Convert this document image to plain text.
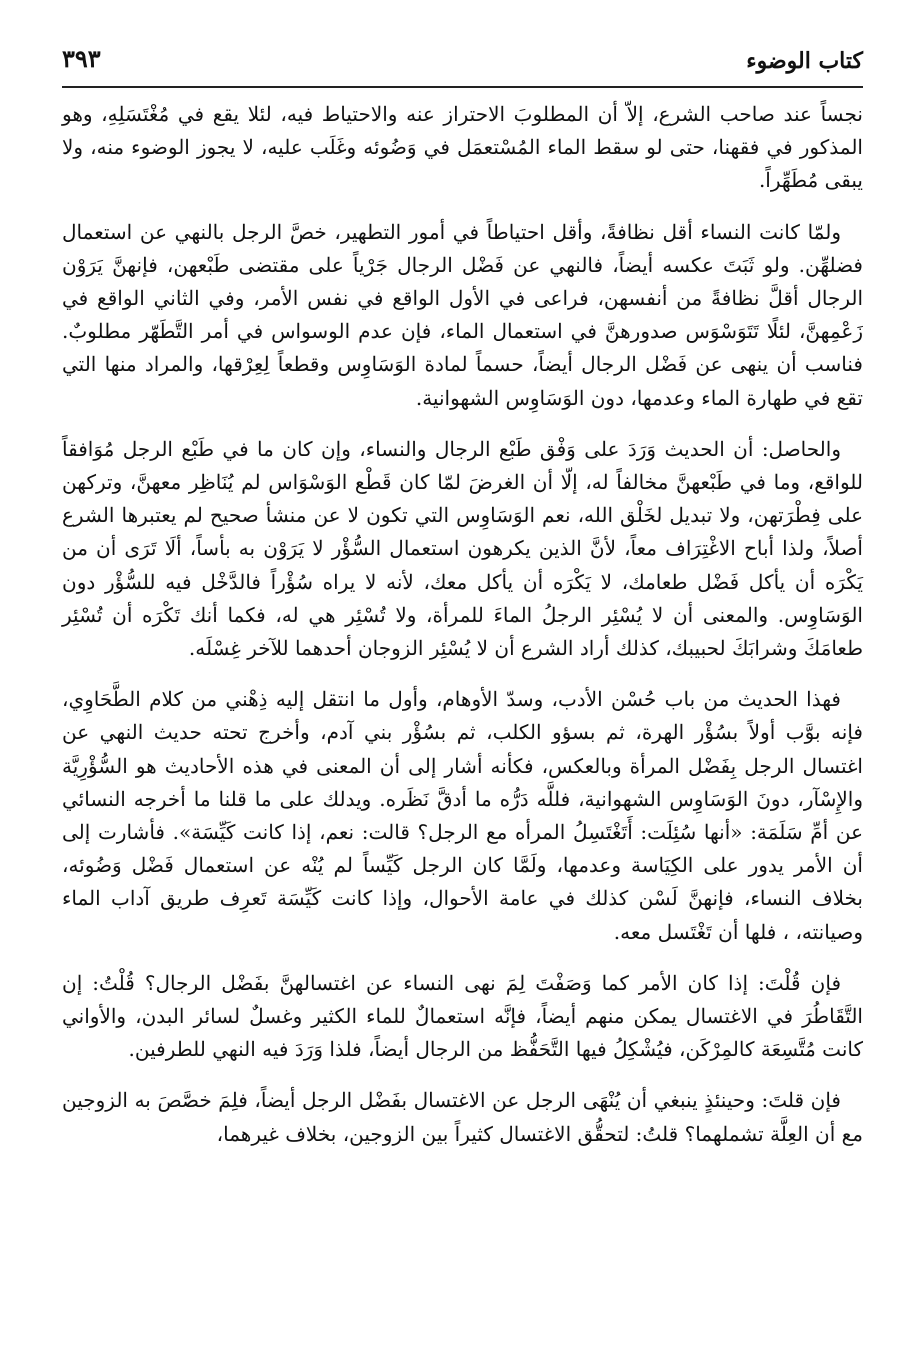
كتاب الوضوء
٣٩٣

نجساً عند صاحب الشرع، إلاّ أن المطلوبَ الاحتراز عنه والاحتياط فيه، لئلا يقع في مُغْتَسَلِهِ، وهو المذكور في فقهنا، حتى لو سقط الماء المُسْتعمَل في وَضُوئه وغَلَب عليه، لا يجوز الوضوء منه، ولا يبقى مُطَهِّراً.

ولمّا كانت النساء أقل نظافةً، وأقل احتياطاً في أمور التطهير، خصَّ الرجل بالنهي عن استعمال فضلهِّن. ولو ثَبَتَ عكسه أيضاً، فالنهي عن فَضْل الرجال جَرْياً على مقتضى طَبْعهن، فإنهنَّ يَرَوْن الرجال أقلَّ نظافةً من أنفسهن، فراعى في الأول الواقع في نفس الأمر، وفي الثاني الواقع في زَعْمِهنَّ، لئلًا تَتَوَسْوَس صدورهنَّ في استعمال الماء، فإن عدم الوسواس في أمر التَّطَهّر مطلوبٌ. فناسب أن ينهى عن فَضْل الرجال أيضاً، حسماً لمادة الوَسَاوِس وقطعاً لِعِرْقها، والمراد منها التي تقع في طهارة الماء وعدمها، دون الوَسَاوِس الشهوانية.

والحاصل: أن الحديث وَرَدَ على وَفْق طَبْع الرجال والنساء، وإن كان ما في طَبْع الرجل مُوَافقاً للواقع، وما في طَبْعهنَّ مخالفاً له، إلّا أن الغرضَ لمّا كان قَطْع الوَسْوَاس لم يُنَاظِر معهنَّ، وتركهن على فِطْرَتهن، ولا تبديل لخَلْق الله، نعم الوَسَاوِس التي تكون لا عن منشأ صحيح لم يعتبرها الشرع أصلاً، ولذا أباح الاغْتِرَاف معاً، لأنَّ الذين يكرهون استعمال السُّؤْر لا يَرَوْن به بأساً، ألَا تَرَى أن من يَكْرَه أن يأكل فَضْل طعامك، لا يَكْرَه أن يأكل معك، لأنه لا يراه سُؤْراً فالدَّخْل فيه للسُّؤْر دون الوَسَاوِس. والمعنى أن لا يُسْئِر الرجلُ الماءَ للمرأة، ولا تُسْئِر هي له، فكما أنك تَكْرَه أن تُسْئِر طعامَكَ وشرابَكَ لحبيبك، كذلك أراد الشرع أن لا يُسْئِر الزوجان أحدهما للآخر غِسْلَه.

فهذا الحديث من باب حُسْن الأدب، وسدّ الأوهام، وأول ما انتقل إليه ذِهْني من كلام الطَّحَاوِي، فإنه بوَّب أولاً بسُؤْر الهرة، ثم بسؤو الكلب، ثم بسُؤْر بني آدم، وأخرج تحته حديث النهي عن اغتسال الرجل بِفَضْل المرأة وبالعكس، فكأنه أشار إلى أن المعنى في هذه الأحاديث هو السُّؤْرِيَّة والإِسْآر، دونَ الوَسَاوِس الشهوانية، فللَّه دَرُّه ما أدقَّ نَظَره. ويدلك على ما قلنا ما أخرجه النسائي عن أمِّ سَلَمَة: «أنها سُئِلَت: أَتَغْتَسِلُ المرأه مع الرجل؟ قالت: نعم، إذا كانت كَيِّسَة». فأشارت إلى أن الأمر يدور على الكِيَاسة وعدمها، ولَمَّا كان الرجل كَيِّساً لم يُنْه عن استعمال فَضْل وَضُوئه، بخلاف النساء، فإنهنَّ لَسْن كذلك في عامة الأحوال، وإذا كانت كَيِّسَة تَعرِف طريق آداب الماء وصيانته، ، فلها أن تَغْتَسل معه.

فإن قُلْتَ: إذا كان الأمر كما وَصَفْتَ لِمَ نهى النساء عن اغتسالهنَّ بفَضْل الرجال؟ قُلْتُ: إن التَّقَاطُرَ في الاغتسال يمكن منهم أيضاً، فإنَّه استعمالٌ للماء الكثير وغسلٌ لسائر البدن، والأواني كانت مُتَّسِعَة كالمِرْكَن، فيُشْكِلُ فيها التَّحَفُّظ من الرجال أيضاً، فلذا وَرَدَ فيه النهي للطرفين.

فإن قلتَ: وحينئذٍ ينبغي أن يُنْهَى الرجل عن الاغتسال بفَضْل الرجل أيضاً، فلِمَ خصَّصَ به الزوجين مع أن العِلَّة تشملهما؟ قلتُ: لتحقُّق الاغتسال كثيراً بين الزوجين، بخلاف غيرهما،
